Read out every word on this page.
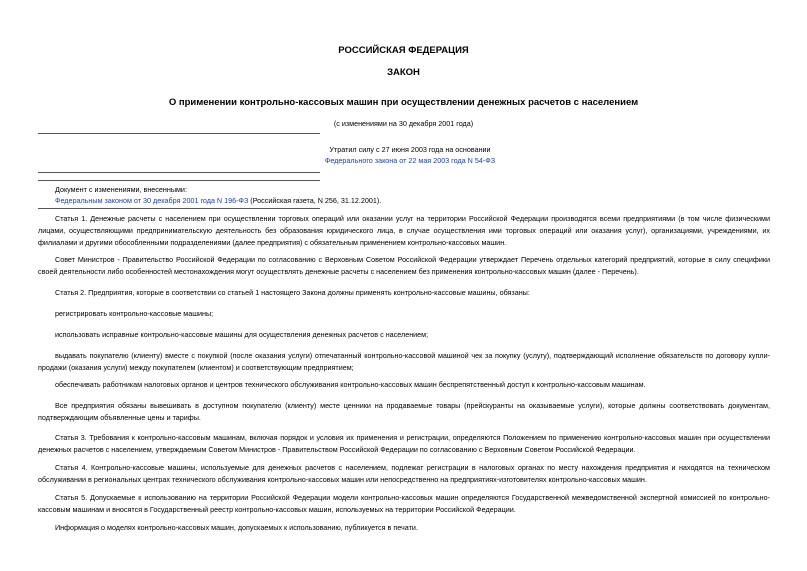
РОССИЙСКАЯ ФЕДЕРАЦИЯ
ЗАКОН
О применении контрольно-кассовых машин при осуществлении денежных расчетов с населением
(с изменениями на 30 декабря 2001 года)
Утратил силу с 27 июня 2003 года на основании
Федерального закона от 22 мая 2003 года N 54-ФЗ
Документ с изменениями, внесенными:
Федеральным законом от 30 декабря 2001 года N 196-ФЗ (Российская газета, N 256, 31.12.2001).
Статья 1. Денежные расчеты с населением при осуществлении торговых операций или оказании услуг на территории Российской Федерации производятся всеми предприятиями (в том числе физическими лицами, осуществляющими предпринимательскую деятельность без образования юридического лица, в случае осуществления ими торговых операций или оказания услуг), организациями, учреждениями, их филиалами и другими обособленными подразделениями (далее предприятия) с обязательным применением контрольно-кассовых машин.
Совет Министров - Правительство Российской Федерации по согласованию с Верховным Советом Российской Федерации утверждает Перечень отдельных категорий предприятий, которые в силу специфики своей деятельности либо особенностей местонахождения могут осуществлять денежные расчеты с населением без применения контрольно-кассовых машин (далее - Перечень).
Статья 2. Предприятия, которые в соответствии со статьей 1 настоящего Закона должны применять контрольно-кассовые машины, обязаны:
регистрировать контрольно-кассовые машины;
использовать исправные контрольно-кассовые машины для осуществления денежных расчетов с населением;
выдавать покупателю (клиенту) вместе с покупкой (после оказания услуги) отпечатанный контрольно-кассовой машиной чек за покупку (услугу), подтверждающий исполнение обязательств по договору купли-продажи (оказания услуги) между покупателем (клиентом) и соответствующим предприятием;
обеспечивать работникам налоговых органов и центров технического обслуживания контрольно-кассовых машин беспрепятственный доступ к контрольно-кассовым машинам.
Все предприятия обязаны вывешивать в доступном покупателю (клиенту) месте ценники на продаваемые товары (прейскуранты на оказываемые услуги), которые должны соответствовать документам, подтверждающим объявленные цены и тарифы.
Статья 3. Требования к контрольно-кассовым машинам, включая порядок и условия их применения и регистрации, определяются Положением по применению контрольно-кассовых машин при осуществлении денежных расчетов с населением, утверждаемым Советом Министров - Правительством Российской Федерации по согласованию с Верховным Советом Российской Федерации.
Статья 4. Контрольно-кассовые машины, используемые для денежных расчетов с населением, подлежат регистрации в налоговых органах по месту нахождения предприятия и находятся на техническом обслуживании в региональных центрах технического обслуживания контрольно-кассовых машин или непосредственно на предприятиях-изготовителях контрольно-кассовых машин.
Статья 5. Допускаемые к использованию на территории Российской Федерации модели контрольно-кассовых машин определяются Государственной межведомственной экспертной комиссией по контрольно-кассовым машинам и вносятся в Государственный реестр контрольно-кассовых машин, используемых на территории Российской Федерации.
Информация о моделях контрольно-кассовых машин, допускаемых к использованию, публикуется в печати.
